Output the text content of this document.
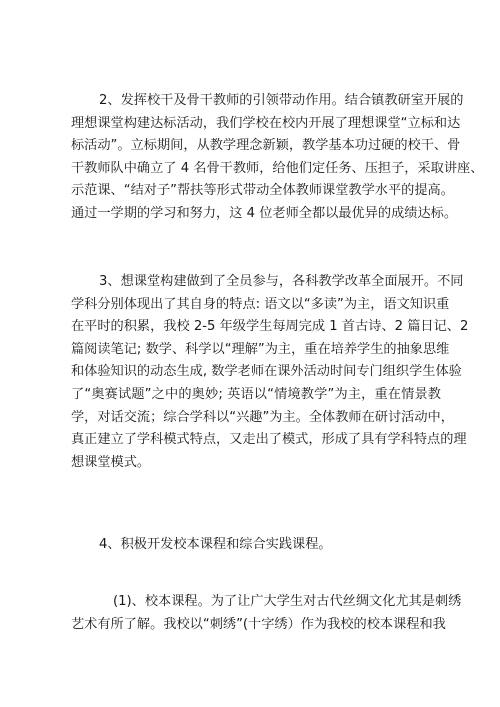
2、发挥校干及骨干教师的引领带动作用。结合镇教研室开展的
理想课堂构建达标活动，我们学校在校内开展了理想课堂“立标和达
标活动”。立标期间，从教学理念新颖，教学基本功过硬的校干、骨
干教师队中确立了 4 名骨干教师，给他们定任务、压担子，采取讲座、
示范课、“结对子”帮扶等形式带动全体教师课堂教学水平的提高。
通过一学期的学习和努力，这 4 位老师全都以最优异的成绩达标。
3、想课堂构建做到了全员参与，各科教学改革全面展开。不同
学科分别体现出了其自身的特点: 语文以“多读”为主，语文知识重
在平时的积累，我校 2-5 年级学生每周完成 1 首古诗、2 篇日记、2
篇阅读笔记; 数学、科学以“理解”为主，重在培养学生的抽象思维
和体验知识的动态生成, 数学老师在课外活动时间专门组织学生体验
了“奥赛试题”之中的奥妙; 英语以“情境教学”为主，重在情景教
学，对话交流；综合学科以“兴趣”为主。全体教师在研讨活动中，
真正建立了学科模式特点，又走出了模式，形成了具有学科特点的理
想课堂模式。
4、积极开发校本课程和综合实践课程。
(1)、校本课程。为了让广大学生对古代丝绸文化尤其是刺绣
艺术有所了解。我校以“刺绣”(十字绣）作为我校的校本课程和我
